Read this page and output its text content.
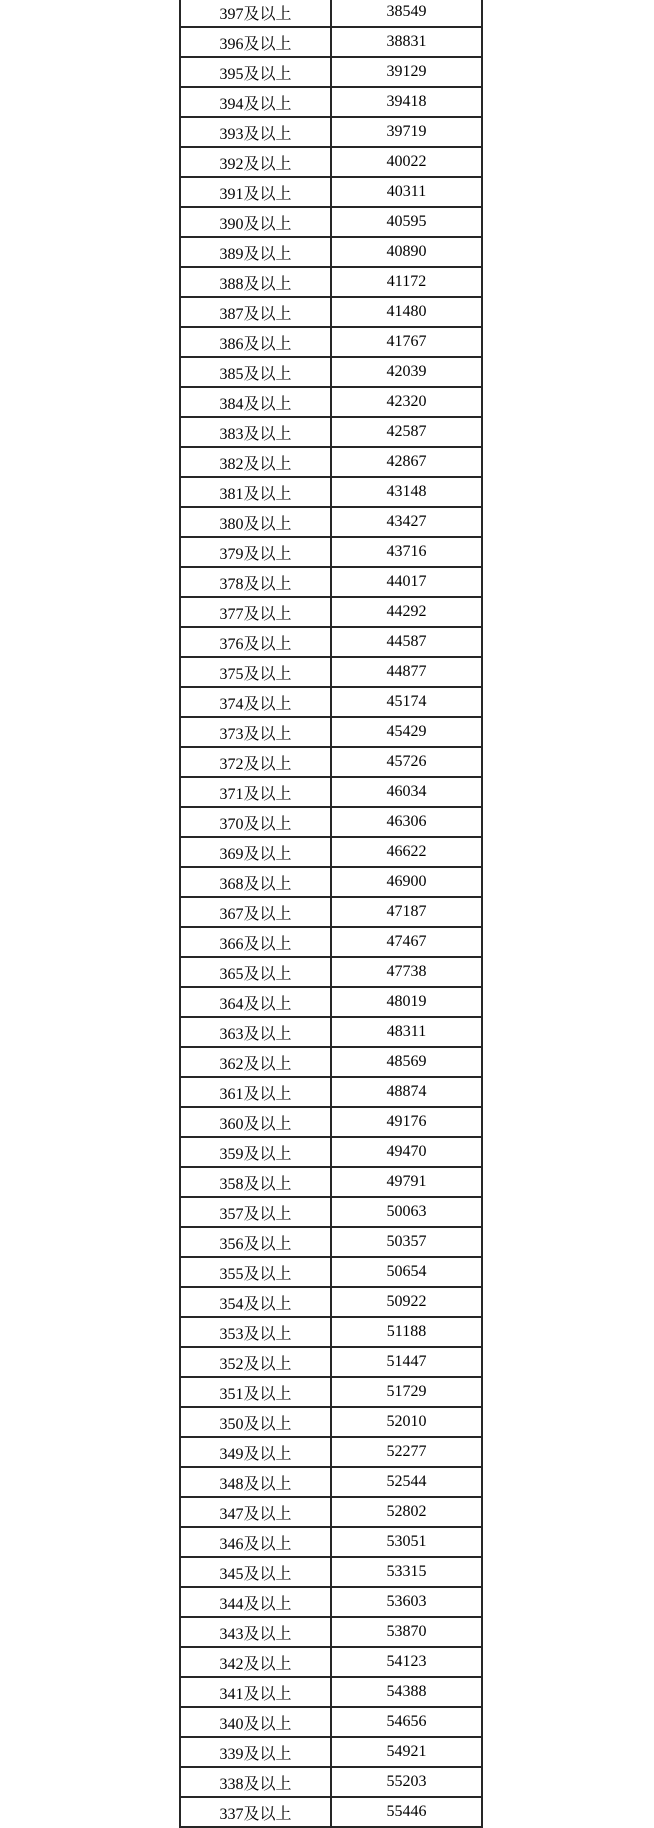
397及以上	38549
396及以上	38831
395及以上	39129
394及以上	39418
393及以上	39719
392及以上	40022
391及以上	40311
390及以上	40595
389及以上	40890
388及以上	41172
387及以上	41480
386及以上	41767
385及以上	42039
384及以上	42320
383及以上	42587
382及以上	42867
381及以上	43148
380及以上	43427
379及以上	43716
378及以上	44017
377及以上	44292
376及以上	44587
375及以上	44877
374及以上	45174
373及以上	45429
372及以上	45726
371及以上	46034
370及以上	46306
369及以上	46622
368及以上	46900
367及以上	47187
366及以上	47467
365及以上	47738
364及以上	48019
363及以上	48311
362及以上	48569
361及以上	48874
360及以上	49176
359及以上	49470
358及以上	49791
357及以上	50063
356及以上	50357
355及以上	50654
354及以上	50922
353及以上	51188
352及以上	51447
351及以上	51729
350及以上	52010
349及以上	52277
348及以上	52544
347及以上	52802
346及以上	53051
345及以上	53315
344及以上	53603
343及以上	53870
342及以上	54123
341及以上	54388
340及以上	54656
339及以上	54921
338及以上	55203
337及以上	55446
